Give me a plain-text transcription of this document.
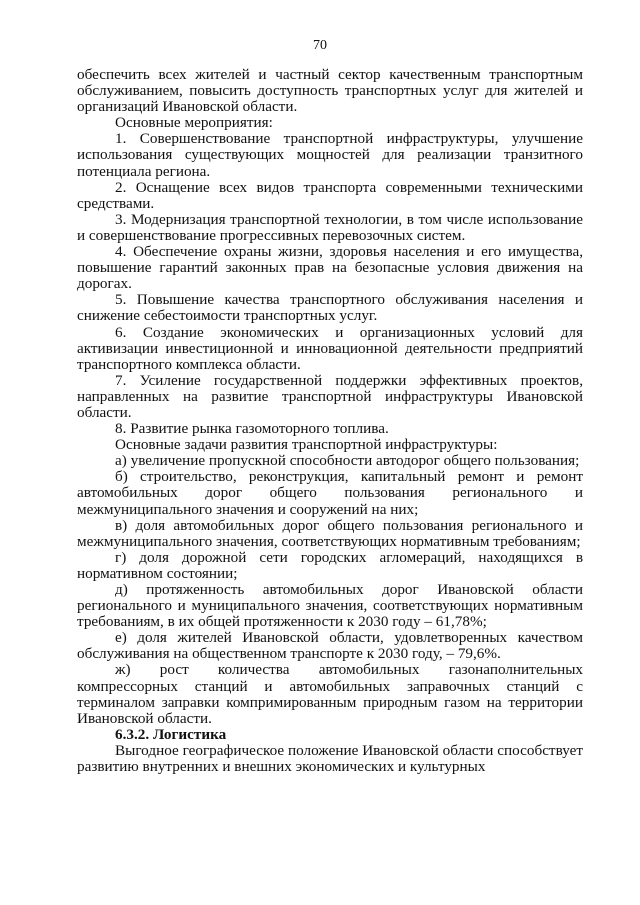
70

обеспечить всех жителей и частный сектор качественным транспортным обслуживанием, повысить доступность транспортных услуг для жителей и организаций Ивановской области.

Основные мероприятия:

1. Совершенствование транспортной инфраструктуры, улучшение использования существующих мощностей для реализации транзитного потенциала региона.

2. Оснащение всех видов транспорта современными техническими средствами.

3. Модернизация транспортной технологии, в том числе использование и совершенствование прогрессивных перевозочных систем.

4. Обеспечение охраны жизни, здоровья населения и его имущества, повышение гарантий законных прав на безопасные условия движения на дорогах.

5. Повышение качества транспортного обслуживания населения и снижение себестоимости транспортных услуг.

6. Создание экономических и организационных условий для активизации инвестиционной и инновационной деятельности предприятий транспортного комплекса области.

7. Усиление государственной поддержки эффективных проектов, направленных на развитие транспортной инфраструктуры Ивановской области.

8. Развитие рынка газомоторного топлива.

Основные задачи развития транспортной инфраструктуры:

а) увеличение пропускной способности автодорог общего пользования;

б) строительство, реконструкция, капитальный ремонт и ремонт автомобильных дорог общего пользования регионального и межмуниципального значения и сооружений на них;

в) доля автомобильных дорог общего пользования регионального и межмуниципального значения, соответствующих нормативным требованиям;

г) доля дорожной сети городских агломераций, находящихся в нормативном состоянии;

д) протяженность автомобильных дорог Ивановской области регионального и муниципального значения, соответствующих нормативным требованиям, в их общей протяженности к 2030 году – 61,78%;

е) доля жителей Ивановской области, удовлетворенных качеством обслуживания на общественном транспорте к 2030 году, – 79,6%.

ж) рост количества автомобильных газонаполнительных компрессорных станций и автомобильных заправочных станций с терминалом заправки компримированным природным газом на территории Ивановской области.

6.3.2. Логистика

Выгодное географическое положение Ивановской области способствует развитию внутренних и внешних экономических и культурных
